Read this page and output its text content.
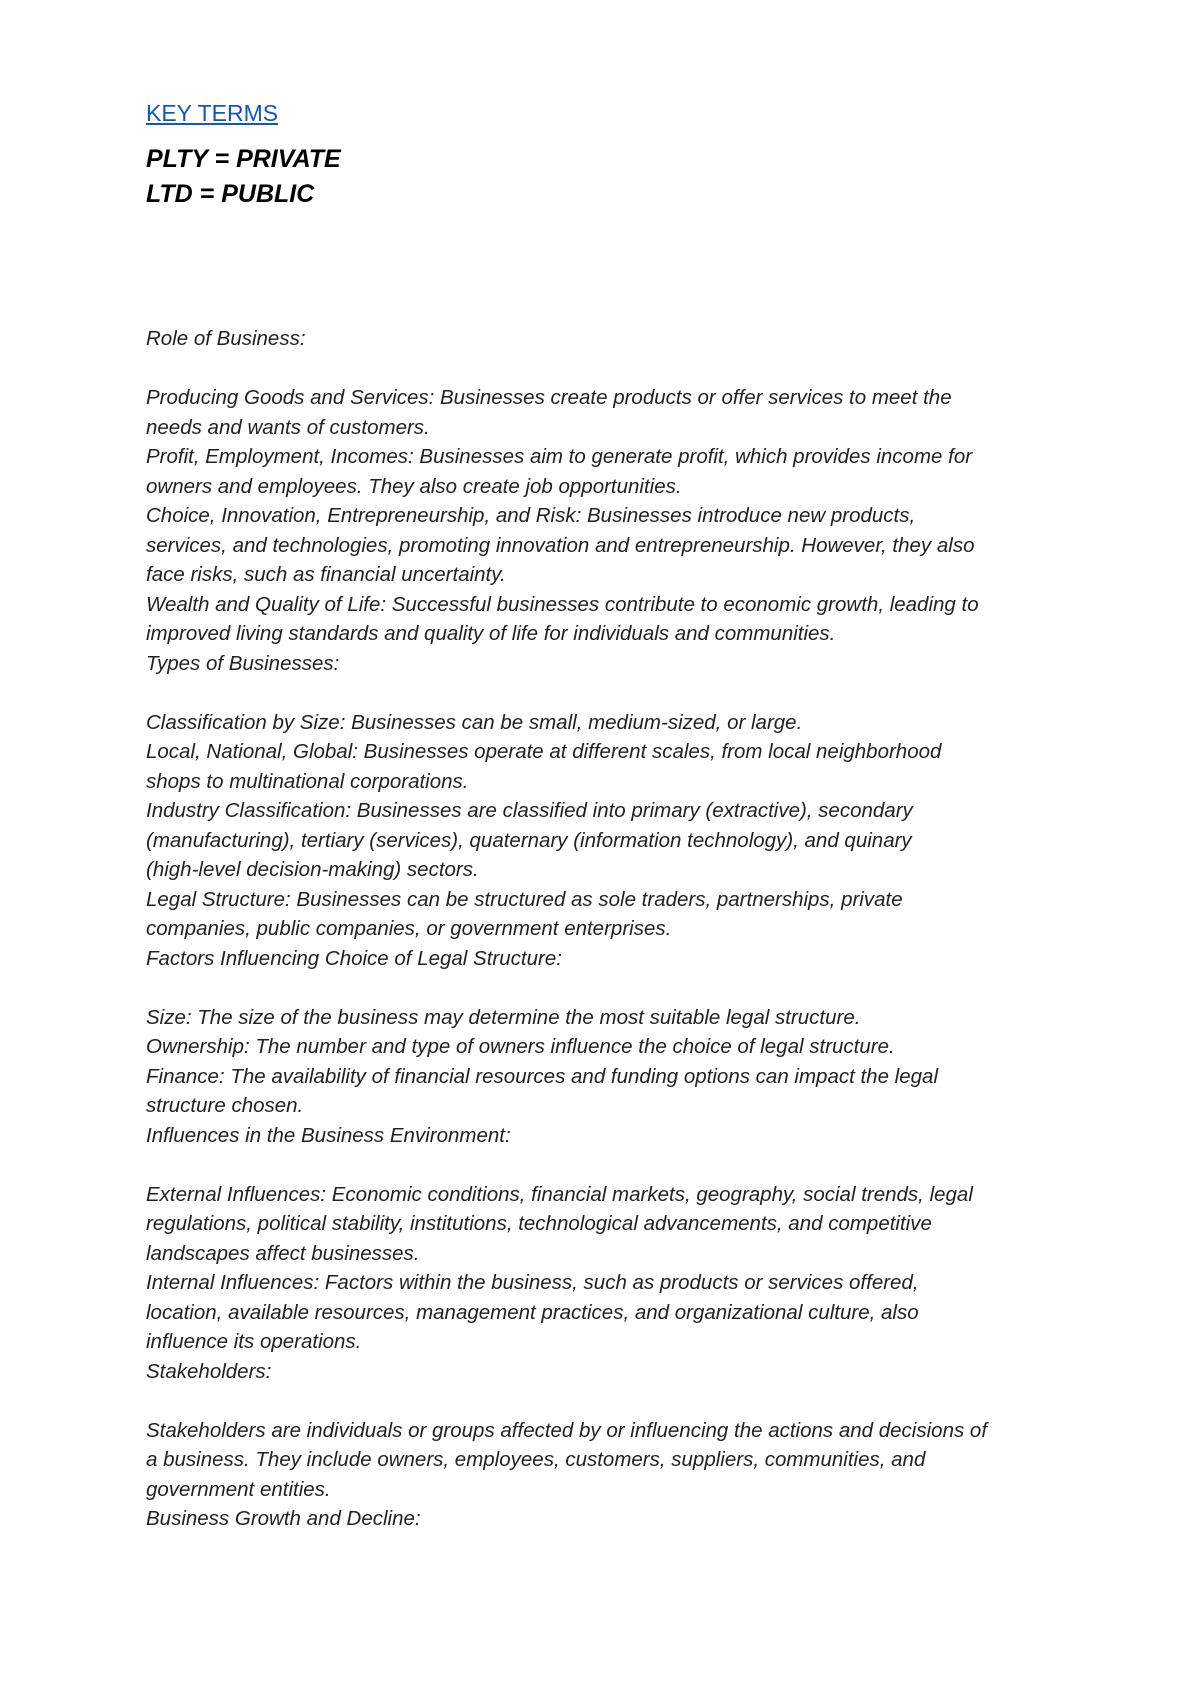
KEY TERMS
PLTY = PRIVATE
LTD = PUBLIC
Role of Business:
Producing Goods and Services: Businesses create products or offer services to meet the
needs and wants of customers.
Profit, Employment, Incomes: Businesses aim to generate profit, which provides income for
owners and employees. They also create job opportunities.
Choice, Innovation, Entrepreneurship, and Risk: Businesses introduce new products,
services, and technologies, promoting innovation and entrepreneurship. However, they also
face risks, such as financial uncertainty.
Wealth and Quality of Life: Successful businesses contribute to economic growth, leading to
improved living standards and quality of life for individuals and communities.
Types of Businesses:
Classification by Size: Businesses can be small, medium-sized, or large.
Local, National, Global: Businesses operate at different scales, from local neighborhood
shops to multinational corporations.
Industry Classification: Businesses are classified into primary (extractive), secondary
(manufacturing), tertiary (services), quaternary (information technology), and quinary
(high-level decision-making) sectors.
Legal Structure: Businesses can be structured as sole traders, partnerships, private
companies, public companies, or government enterprises.
Factors Influencing Choice of Legal Structure:
Size: The size of the business may determine the most suitable legal structure.
Ownership: The number and type of owners influence the choice of legal structure.
Finance: The availability of financial resources and funding options can impact the legal
structure chosen.
Influences in the Business Environment:
External Influences: Economic conditions, financial markets, geography, social trends, legal
regulations, political stability, institutions, technological advancements, and competitive
landscapes affect businesses.
Internal Influences: Factors within the business, such as products or services offered,
location, available resources, management practices, and organizational culture, also
influence its operations.
Stakeholders:
Stakeholders are individuals or groups affected by or influencing the actions and decisions of
a business. They include owners, employees, customers, suppliers, communities, and
government entities.
Business Growth and Decline:
